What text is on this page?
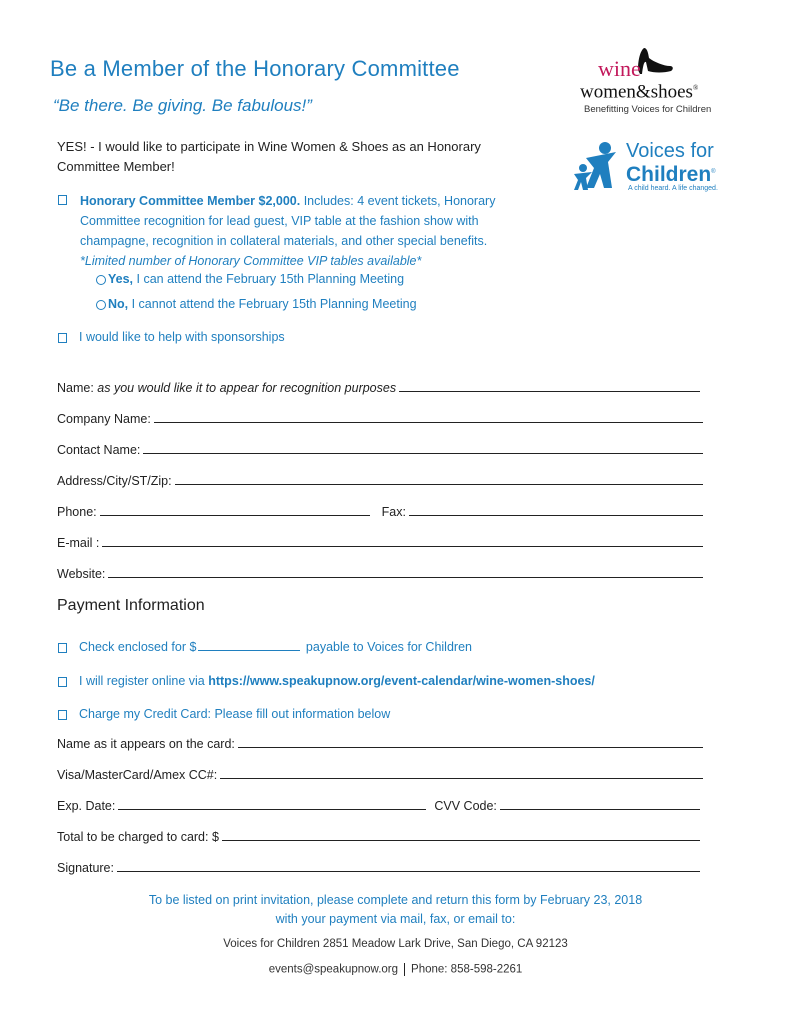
Be a Member of the Honorary Committee
“Be there. Be giving. Be fabulous!”
YES! - I would like to participate in Wine Women & Shoes as an Honorary Committee Member!
wine
women&shoes®
Benefitting Voices for Children
Voices for
Children®
A child heard. A life changed.
Honorary Committee Member $2,000. Includes: 4 event tickets, Honorary Committee recognition for lead guest, VIP table at the fashion show with champagne, recognition in collateral materials, and other special benefits.
*Limited number of Honorary Committee VIP tables available*
Yes, I can attend the February 15th Planning Meeting
No, I cannot attend the February 15th Planning Meeting
I would like to help with sponsorships
Name: as you would like it to appear for recognition purposes
Company Name:
Contact Name:
Address/City/ST/Zip:
Phone:	Fax:
E-mail :
Website:
Payment Information
Check enclosed for $	payable to Voices for Children
I will register online via https://www.speakupnow.org/event-calendar/wine-women-shoes/
Charge my Credit Card: Please fill out information below
Name as it appears on the card:
Visa/MasterCard/Amex CC#:
Exp. Date:	CVV Code:
Total to be charged to card: $
Signature:
To be listed on print invitation, please complete and return this form by February 23, 2018
with your payment via mail, fax, or email to:
Voices for Children 2851 Meadow Lark Drive, San Diego, CA 92123
events@speakupnow.org Phone: 858-598-2261
